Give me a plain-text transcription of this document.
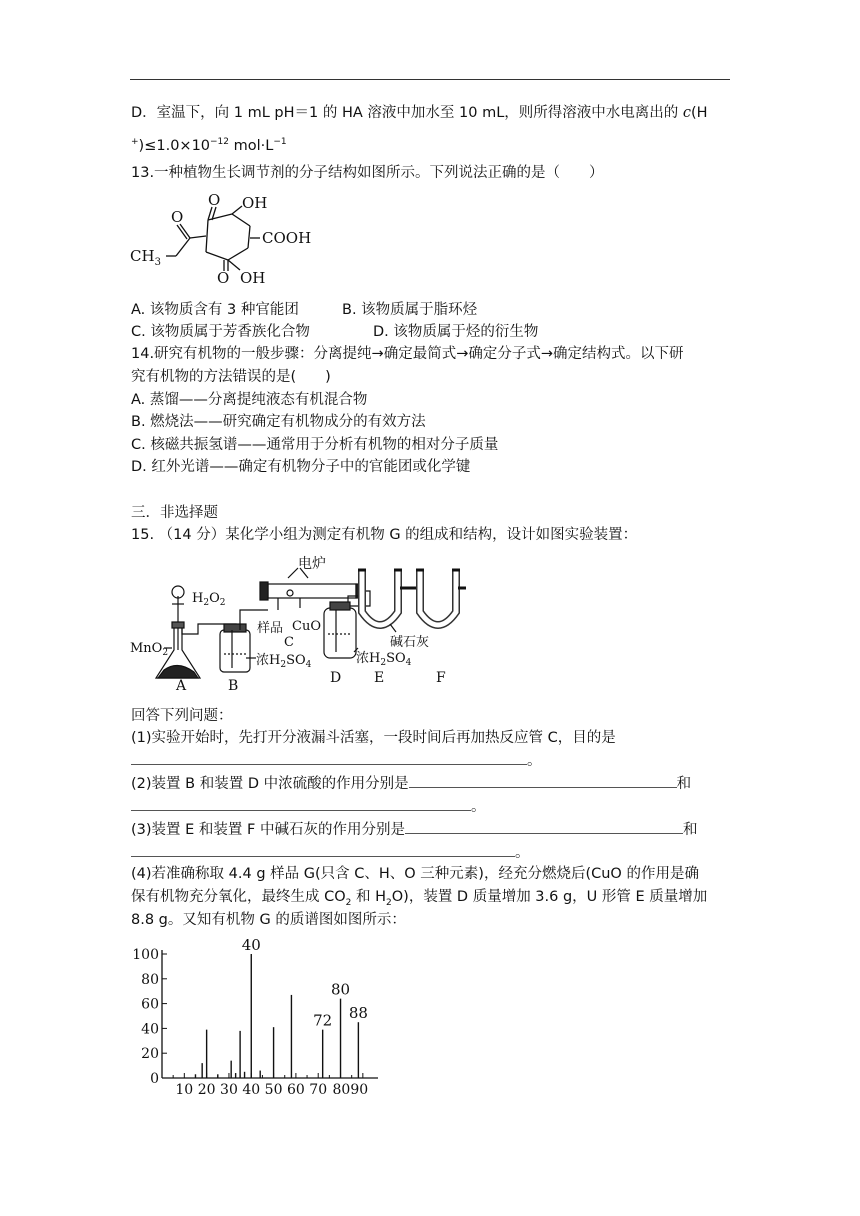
D．室温下，向 1 mL pH＝1 的 HA 溶液中加水至 10 mL，则所得溶液中水电离出的 c(H
$^+)\le 1.0\times 10^{-12}$ $mol\cdot L^{-1}$
13.一种植物生长调节剂的分子结构如图所示。下列说法正确的是（　　）
O
O
O
OH
OH
COOH
$CH_3$
A. 该物质含有 3 种官能团	B. 该物质属于脂环烃
C. 该物质属于芳香族化合物	D. 该物质属于烃的衍生物
14.研究有机物的一般步骤：分离提纯→确定最简式→确定分子式→确定结构式。以下研
究有机物的方法错误的是(　　)
A. 蒸馏——分离提纯液态有机混合物
B. 燃烧法——研究确定有机物成分的有效方法
C. 核磁共振氢谱——通常用于分析有机物的相对分子质量
D. 红外光谱——确定有机物分子中的官能团或化学键
三．非选择题
15. （14 分）某化学小组为测定有机物 G 的组成和结构，设计如图实验装置：
电炉
$H_2O_2$
MnO$_2$
样品 CuO
C
浓$H_2SO_4$	浓$H_2SO_4$
碱石灰
A	B	D E	F
回答下列问题：
(1)实验开始时，先打开分液漏斗活塞，一段时间后再加热反应管 C，目的是
。
(2)装置 B 和装置 D 中浓硫酸的作用分别是	和
。
(3)装置 E 和装置 F 中碱石灰的作用分别是	和
。
(4)若准确称取 4.4 g 样品 G(只含 C、H、O 三种元素)，经充分燃烧后(CuO 的作用是确
保有机物充分氧化，最终生成 $CO_2$ 和 $H_2O$)，装置 D 质量增加 3.6 g，U 形管 E 质量增加
8.8 g。又知有机物 G 的质谱图如图所示：
0
20
40
60
80
100
10 20 30 40 50 60 70 8090
40
72
80
88
